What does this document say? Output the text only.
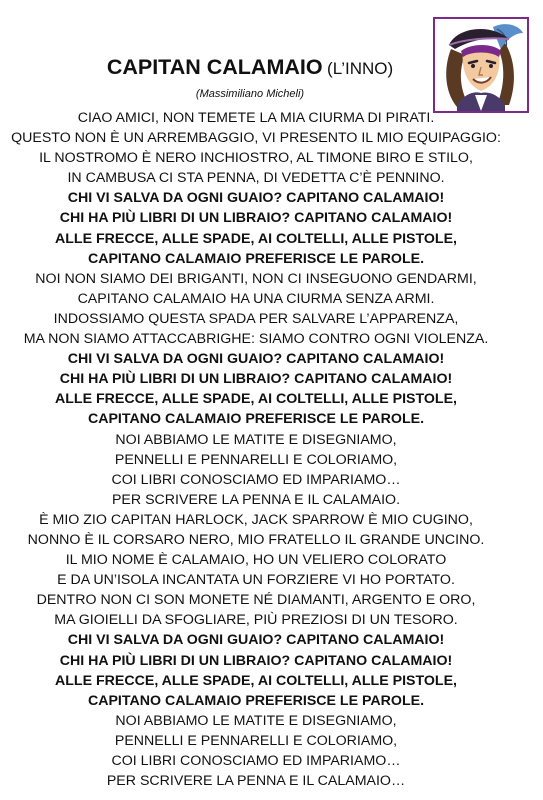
CAPITAN CALAMAIO (L’INNO)
(Massimiliano Micheli)
CIAO AMICI, NON TEMETE LA MIA CIURMA DI PIRATI.
QUESTO NON È UN ARREMBAGGIO, VI PRESENTO IL MIO EQUIPAGGIO:
IL NOSTROMO È NERO INCHIOSTRO, AL TIMONE BIRO E STILO,
IN CAMBUSA CI STA PENNA, DI VEDETTA C’È PENNINO.
CHI VI SALVA DA OGNI GUAIO? CAPITANO CALAMAIO!
CHI HA PIÙ LIBRI DI UN LIBRAIO? CAPITANO CALAMAIO!
ALLE FRECCE, ALLE SPADE, AI COLTELLI, ALLE PISTOLE,
CAPITANO CALAMAIO PREFERISCE LE PAROLE.
NOI NON SIAMO DEI BRIGANTI, NON CI INSEGUONO GENDARMI,
CAPITANO CALAMAIO HA UNA CIURMA SENZA ARMI.
INDOSSIAMO QUESTA SPADA PER SALVARE L’APPARENZA,
MA NON SIAMO ATTACCABRIGHE: SIAMO CONTRO OGNI VIOLENZA.
CHI VI SALVA DA OGNI GUAIO? CAPITANO CALAMAIO!
CHI HA PIÙ LIBRI DI UN LIBRAIO? CAPITANO CALAMAIO!
ALLE FRECCE, ALLE SPADE, AI COLTELLI, ALLE PISTOLE,
CAPITANO CALAMAIO PREFERISCE LE PAROLE.
NOI ABBIAMO LE MATITE E DISEGNIAMO,
PENNELLI E PENNARELLI E COLORIAMO,
COI LIBRI CONOSCIAMO ED IMPARIAMO…
PER SCRIVERE LA PENNA E IL CALAMAIO.
È MIO ZIO CAPITAN HARLOCK, JACK SPARROW È MIO CUGINO,
NONNO È IL CORSARO NERO, MIO FRATELLO IL GRANDE UNCINO.
IL MIO NOME È CALAMAIO, HO UN VELIERO COLORATO
E DA UN’ISOLA INCANTATA UN FORZIERE VI HO PORTATO.
DENTRO NON CI SON MONETE NÉ DIAMANTI, ARGENTO E ORO,
MA GIOIELLI DA SFOGLIARE, PIÙ PREZIOSI DI UN TESORO.
CHI VI SALVA DA OGNI GUAIO? CAPITANO CALAMAIO!
CHI HA PIÙ LIBRI DI UN LIBRAIO? CAPITANO CALAMAIO!
ALLE FRECCE, ALLE SPADE, AI COLTELLI, ALLE PISTOLE,
CAPITANO CALAMAIO PREFERISCE LE PAROLE.
NOI ABBIAMO LE MATITE E DISEGNIAMO,
PENNELLI E PENNARELLI E COLORIAMO,
COI LIBRI CONOSCIAMO ED IMPARIAMO…
PER SCRIVERE LA PENNA E IL CALAMAIO…
